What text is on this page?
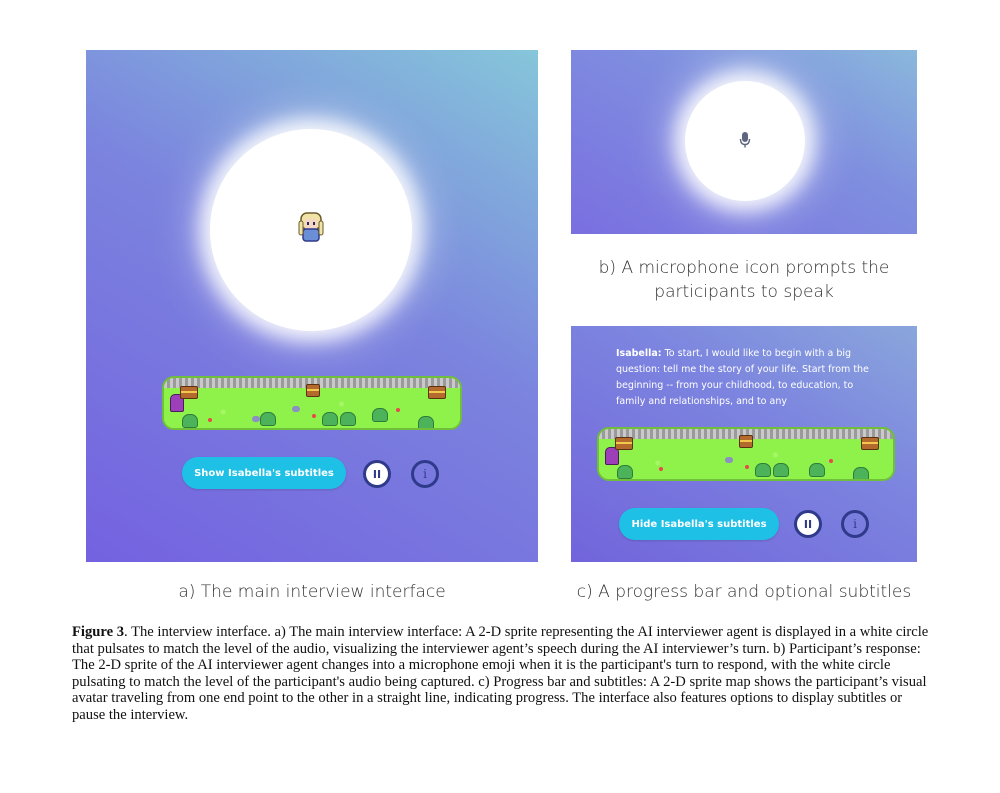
Show Isabella's subtitles	II	i
b) A microphone icon prompts the
participants to speak
Isabella: To start, I would like to begin with a big question: tell me the story of your life. Start from the beginning -- from your childhood, to education, to family and relationships, and to any
Hide Isabella's subtitles	II	i
a) The main interview interface	c) A progress bar and optional subtitles
Figure 3. The interview interface. a) The main interview interface: A 2-D sprite representing the AI interviewer agent is displayed in a white circle that pulsates to match the level of the audio, visualizing the interviewer agent’s speech during the AI interviewer’s turn. b) Participant’s response: The 2-D sprite of the AI interviewer agent changes into a microphone emoji when it is the participant's turn to respond, with the white circle pulsating to match the level of the participant's audio being captured. c) Progress bar and subtitles: A 2-D sprite map shows the participant’s visual avatar traveling from one end point to the other in a straight line, indicating progress. The interface also features options to display subtitles or pause the interview.
